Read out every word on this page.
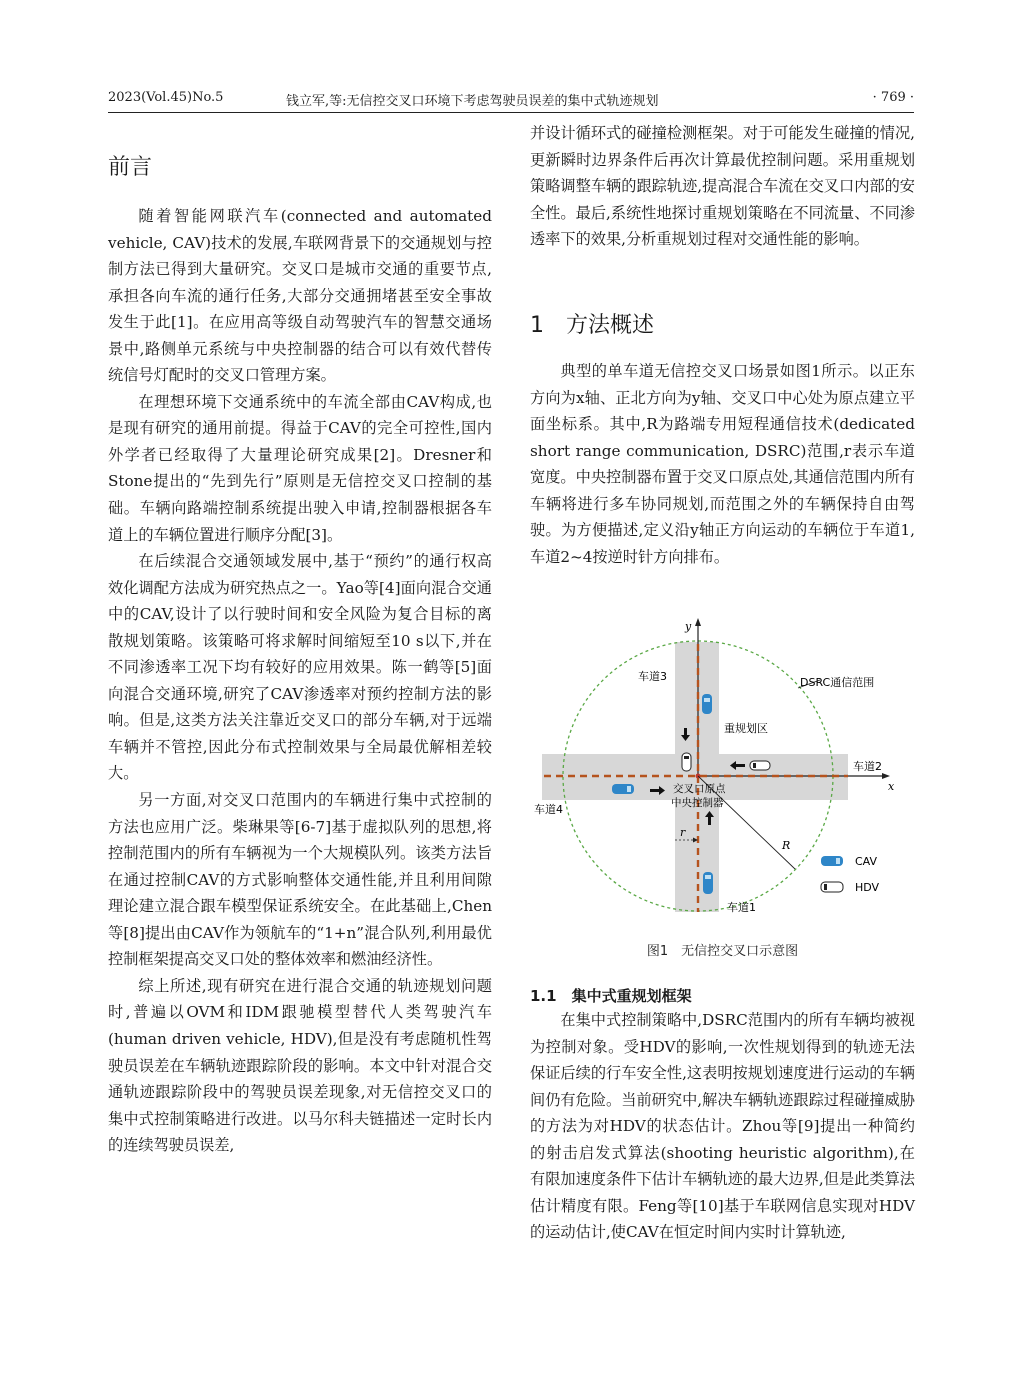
2023(Vol.45)No.5	钱立军,等:无信控交叉口环境下考虑驾驶员误差的集中式轨迹规划	· 769 ·
前言

随着智能网联汽车(connected and automated vehicle, CAV)技术的发展,车联网背景下的交通规划与控制方法已得到大量研究。交叉口是城市交通的重要节点,承担各向车流的通行任务,大部分交通拥堵甚至安全事故发生于此[1]。在应用高等级自动驾驶汽车的智慧交通场景中,路侧单元系统与中央控制器的结合可以有效代替传统信号灯配时的交叉口管理方案。

在理想环境下交通系统中的车流全部由CAV构成,也是现有研究的通用前提。得益于CAV的完全可控性,国内外学者已经取得了大量理论研究成果[2]。Dresner和Stone提出的“先到先行”原则是无信控交叉口控制的基础。车辆向路端控制系统提出驶入申请,控制器根据各车道上的车辆位置进行顺序分配[3]。

在后续混合交通领域发展中,基于“预约”的通行权高效化调配方法成为研究热点之一。Yao等[4]面向混合交通中的CAV,设计了以行驶时间和安全风险为复合目标的离散规划策略。该策略可将求解时间缩短至10 s以下,并在不同渗透率工况下均有较好的应用效果。陈一鹤等[5]面向混合交通环境,研究了CAV渗透率对预约控制方法的影响。但是,这类方法关注靠近交叉口的部分车辆,对于远端车辆并不管控,因此分布式控制效果与全局最优解相差较大。

另一方面,对交叉口范围内的车辆进行集中式控制的方法也应用广泛。柴琳果等[6-7]基于虚拟队列的思想,将控制范围内的所有车辆视为一个大规模队列。该类方法旨在通过控制CAV的方式影响整体交通性能,并且利用间隙理论建立混合跟车模型保证系统安全。在此基础上,Chen等[8]提出由CAV作为领航车的“1+n”混合队列,利用最优控制框架提高交叉口处的整体效率和燃油经济性。

综上所述,现有研究在进行混合交通的轨迹规划问题时,普遍以OVM和IDM跟驰模型替代人类驾驶汽车(human driven vehicle, HDV),但是没有考虑随机性驾驶员误差在车辆轨迹跟踪阶段的影响。本文中针对混合交通轨迹跟踪阶段中的驾驶员误差现象,对无信控交叉口的集中式控制策略进行改进。以马尔科夫链描述一定时长内的连续驾驶员误差,

并设计循环式的碰撞检测框架。对于可能发生碰撞的情况,更新瞬时边界条件后再次计算最优控制问题。采用重规划策略调整车辆的跟踪轨迹,提高混合车流在交叉口内部的安全性。最后,系统性地探讨重规划策略在不同流量、不同渗透率下的效果,分析重规划过程对交通性能的影响。

1　方法概述

典型的单车道无信控交叉口场景如图1所示。以正东方向为x轴、正北方向为y轴、交叉口中心处为原点建立平面坐标系。其中,R为路端专用短程通信技术(dedicated short range communication, DSRC)范围,r表示车道宽度。中央控制器布置于交叉口原点处,其通信范围内所有车辆将进行多车协同规划,而范围之外的车辆保持自由驾驶。为方便描述,定义沿y轴正方向运动的车辆位于车道1,车道2~4按逆时针方向排布。

y
x
车道3
车道2
车道4
车道1
DSRC通信范围
重规划区
交叉口原点
中央控制器
R
r
CAV
HDV
图1　无信控交叉口示意图
1.1　集中式重规划框架

在集中式控制策略中,DSRC范围内的所有车辆均被视为控制对象。受HDV的影响,一次性规划得到的轨迹无法保证后续的行车安全性,这表明按规划速度进行运动的车辆间仍有危险。当前研究中,解决车辆轨迹跟踪过程碰撞威胁的方法为对HDV的状态估计。Zhou等[9]提出一种简约的射击启发式算法(shooting heuristic algorithm),在有限加速度条件下估计车辆轨迹的最大边界,但是此类算法估计精度有限。Feng等[10]基于车联网信息实现对HDV的运动估计,使CAV在恒定时间内实时计算轨迹,
